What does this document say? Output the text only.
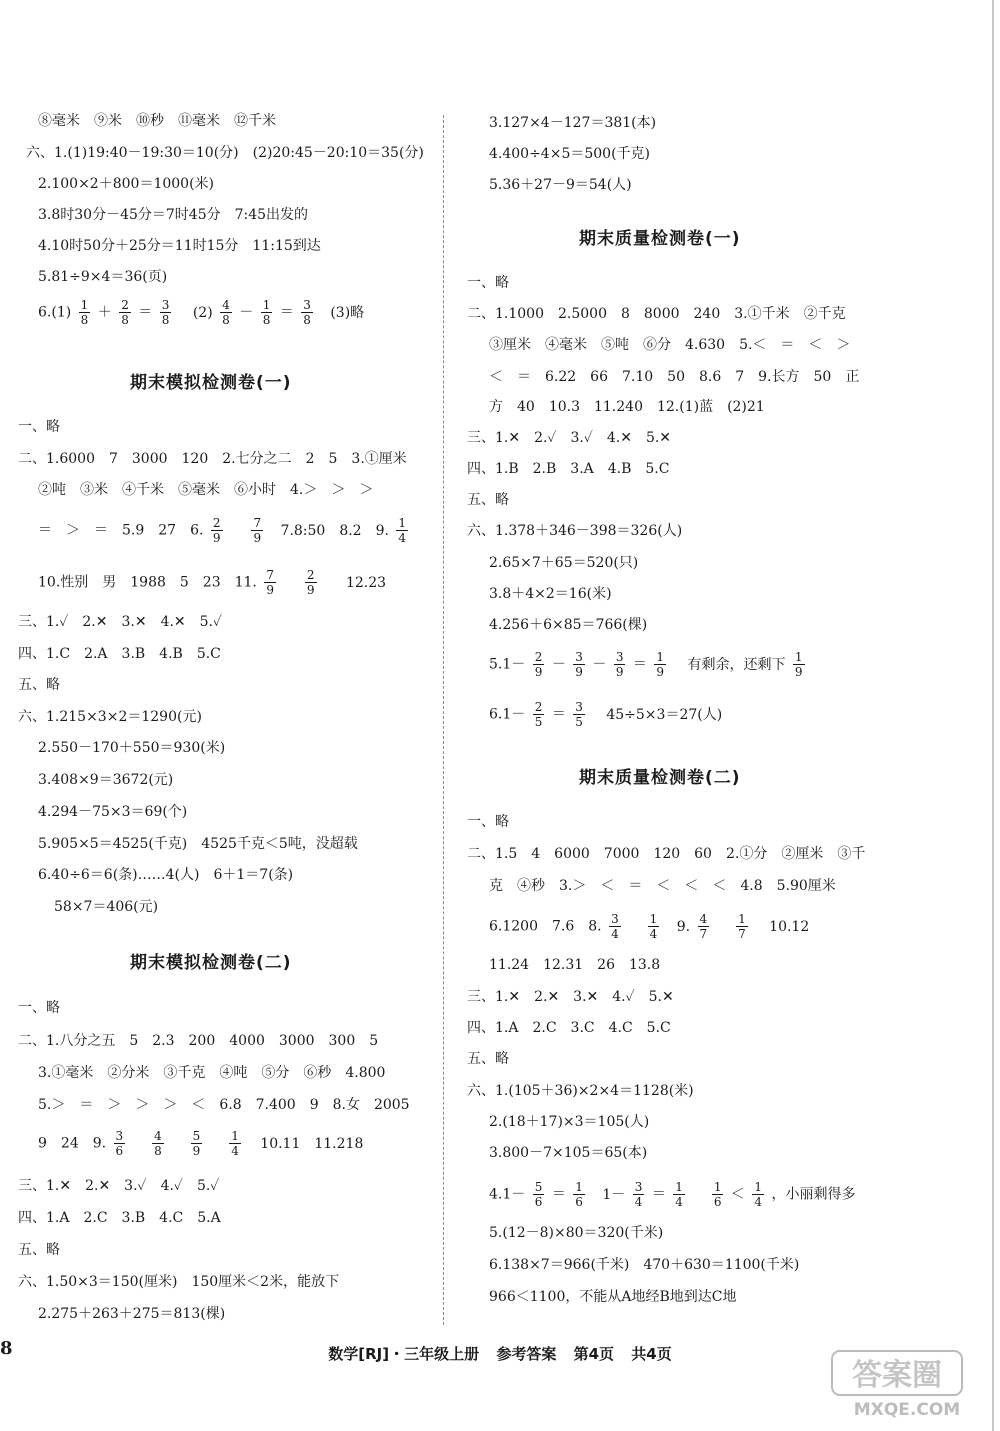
⑧毫米　⑨米　⑩秒　⑪毫米　⑫千米
六、1.(1)19:40－19:30＝10(分)　(2)20:45－20:10＝35(分)
2.100×2＋800＝1000(米)
3.8时30分－45分＝7时45分　7:45出发的
4.10时50分＋25分＝11时15分　11:15到达
5.81÷9×4＝36(页)
$6.(1) \frac{1}{8} + \frac{2}{8} = \frac{3}{8} (2) \frac{4}{8} - \frac{1}{8} = \frac{3}{8} (3)$略
期末模拟检测卷(一)
一、略
二、1.6000　7　3000　120　2.七分之二　2　5　3.①厘米
②吨　③米　④千米　⑤毫米　⑥小时　4.＞　＞　＞
＝　＞　＝　5.9　27　6. $\frac{2}{9}$
$\frac{7}{9}$ 7.8:50　8.2　9. $\frac{1}{4}$
10.性别　男　1988　5　23　11. $\frac{7}{9}$
$\frac{2}{9} 12.23$
三、1.✓　2.✕　3.✕　4.✕　5.✓
四、1.C　2.A　3.B　4.B　5.C
五、略
六、1.215×3×2＝1290(元)
2.550－170＋550＝930(米)
3.408×9＝3672(元)
4.294－75×3＝69(个)
5.905×5＝4525(千克)　4525千克＜5吨，没超载
6.40÷6＝6(条)……4(人)　6＋1＝7(条)
58×7＝406(元)
期末模拟检测卷(二)
一、略
二、1.八分之五　5　2.3　200　4000　3000　300　5
3.①毫米　②分米　③千克　④吨　⑤分　⑥秒　4.800
5.＞　＝　＞　＞　＞　＜　6.8　7.400　9　8.女　2005
9　24　9. $\frac{3}{6}$
$\frac{4}{8}$
$\frac{5}{9}$
$\frac{1}{4} 10.11$　11.218
三、1.✕　2.✕　3.✓　4.✓　5.✓
四、1.A　2.C　3.B　4.C　5.A
五、略
六、1.50×3＝150(厘米)　150厘米＜2米，能放下
2.275＋263＋275＝813(棵)
3.127×4－127＝381(本)
4.400÷4×5＝500(千克)
5.36＋27－9＝54(人)
期末质量检测卷(一)
一、略
二、1.1000　2.5000　8　8000　240　3.①千米　②千克
③厘米　④毫米　⑤吨　⑥分　4.630　5.＜　＝　＜　＞
＜　＝　6.22　66　7.10　50　8.6　7　9.长方　50　正
方　40　10.3　11.240　12.(1)蓝　(2)21
三、1.✕　2.✓　3.✓　4.✕　5.✕
四、1.B　2.B　3.A　4.B　5.C
五、略
六、1.378＋346－398＝326(人)
2.65×7＋65＝520(只)
3.8＋4×2＝16(米)
4.256＋6×85＝766(棵)
$5.1- \frac{2}{9} - \frac{3}{9} - \frac{3}{9} = \frac{1}{9}$ 有剩余，还剩下 $\frac{1}{9}$
$6.1- \frac{2}{5} = \frac{3}{5} 45\div 5\times 3=27$(人)
期末质量检测卷(二)
一、略
二、1.5　4　6000　7000　120　60　2.①分　②厘米　③千
克　④秒　3.＞　＜　＝　＜　＜　＜　4.8　5.90厘米
6.1200　7.6　8. $\frac{3}{4}$
$\frac{1}{4} 9$. $\frac{4}{7}$
$\frac{1}{7} 10.12$
11.24　12.31　26　13.8
三、1.✕　2.✕　3.✕　4.✓　5.✕
四、1.A　2.C　3.C　4.C　5.C
五、略
六、1.(105＋36)×2×4＝1128(米)
2.(18＋17)×3＝105(人)
3.800－7×105＝65(本)
$4.1- \frac{5}{6} = \frac{1}{6} 1- \frac{3}{4} = \frac{1}{4}$
$\frac{1}{6} < \frac{1}{4}$ ，小丽剩得多
5.(12－8)×80＝320(千米)
6.138×7＝966(千米)　470＋630＝1100(千米)
966＜1100，不能从A地经B地到达C地
8	数学[RJ]・三年级上册 参考答案 第4页 共4页
答案圈
MXQE.COM
